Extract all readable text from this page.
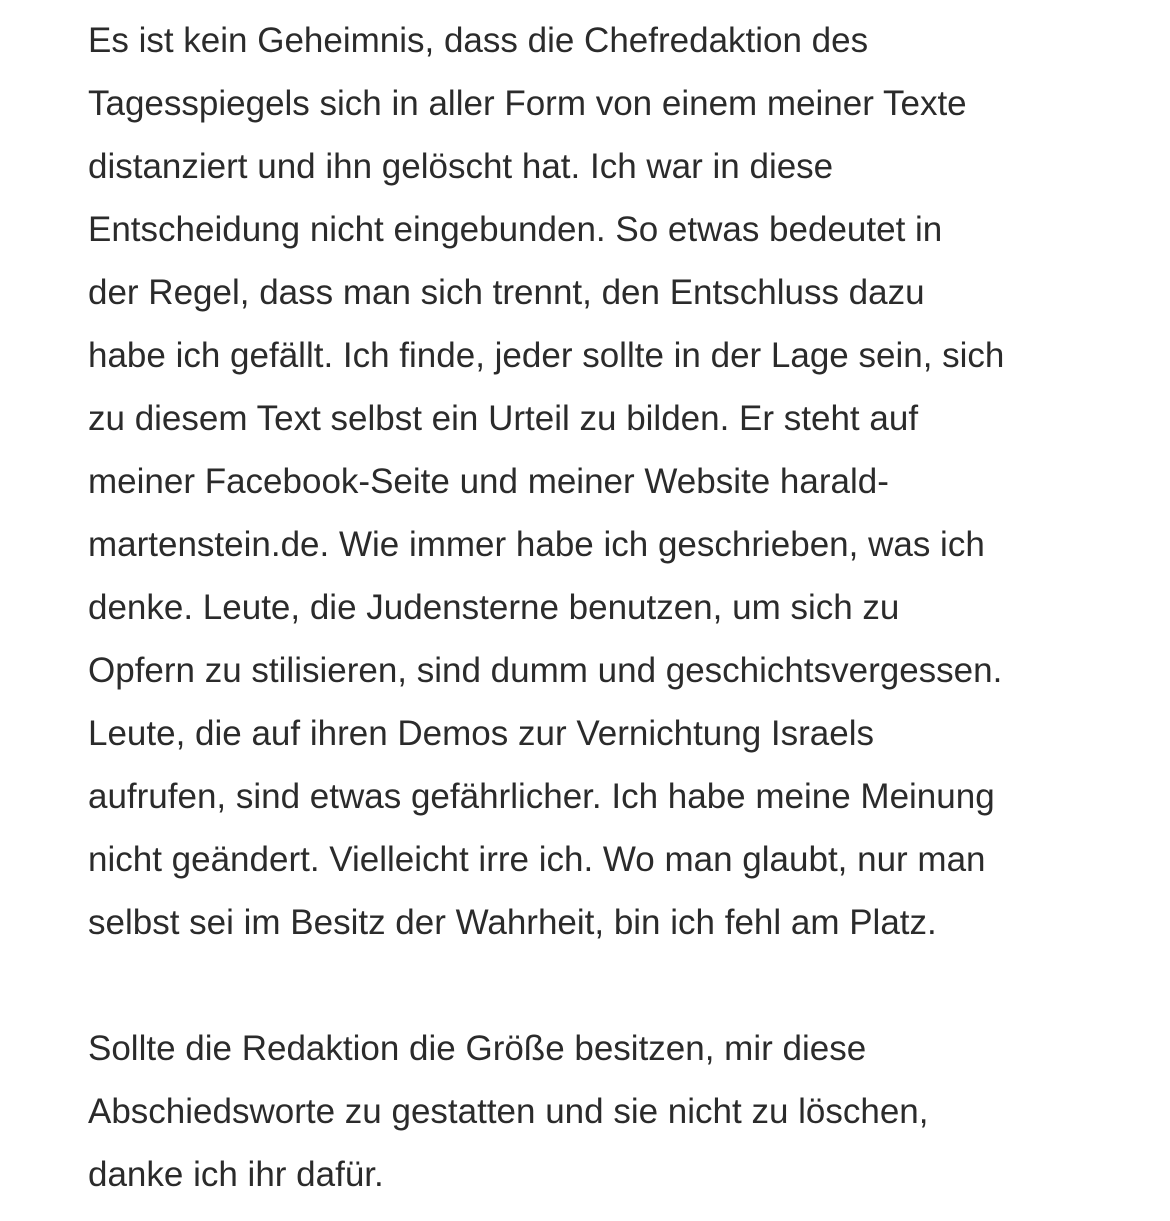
Es ist kein Geheimnis, dass die Chefredaktion des
Tagesspiegels sich in aller Form von einem meiner Texte
distanziert und ihn gelöscht hat. Ich war in diese
Entscheidung nicht eingebunden. So etwas bedeutet in
der Regel, dass man sich trennt, den Entschluss dazu
habe ich gefällt. Ich finde, jeder sollte in der Lage sein, sich
zu diesem Text selbst ein Urteil zu bilden. Er steht auf
meiner Facebook-Seite und meiner Website harald-
martenstein.de. Wie immer habe ich geschrieben, was ich
denke. Leute, die Judensterne benutzen, um sich zu
Opfern zu stilisieren, sind dumm und geschichtsvergessen.
Leute, die auf ihren Demos zur Vernichtung Israels
aufrufen, sind etwas gefährlicher. Ich habe meine Meinung
nicht geändert. Vielleicht irre ich. Wo man glaubt, nur man
selbst sei im Besitz der Wahrheit, bin ich fehl am Platz.
Sollte die Redaktion die Größe besitzen, mir diese
Abschiedsworte zu gestatten und sie nicht zu löschen,
danke ich ihr dafür.
